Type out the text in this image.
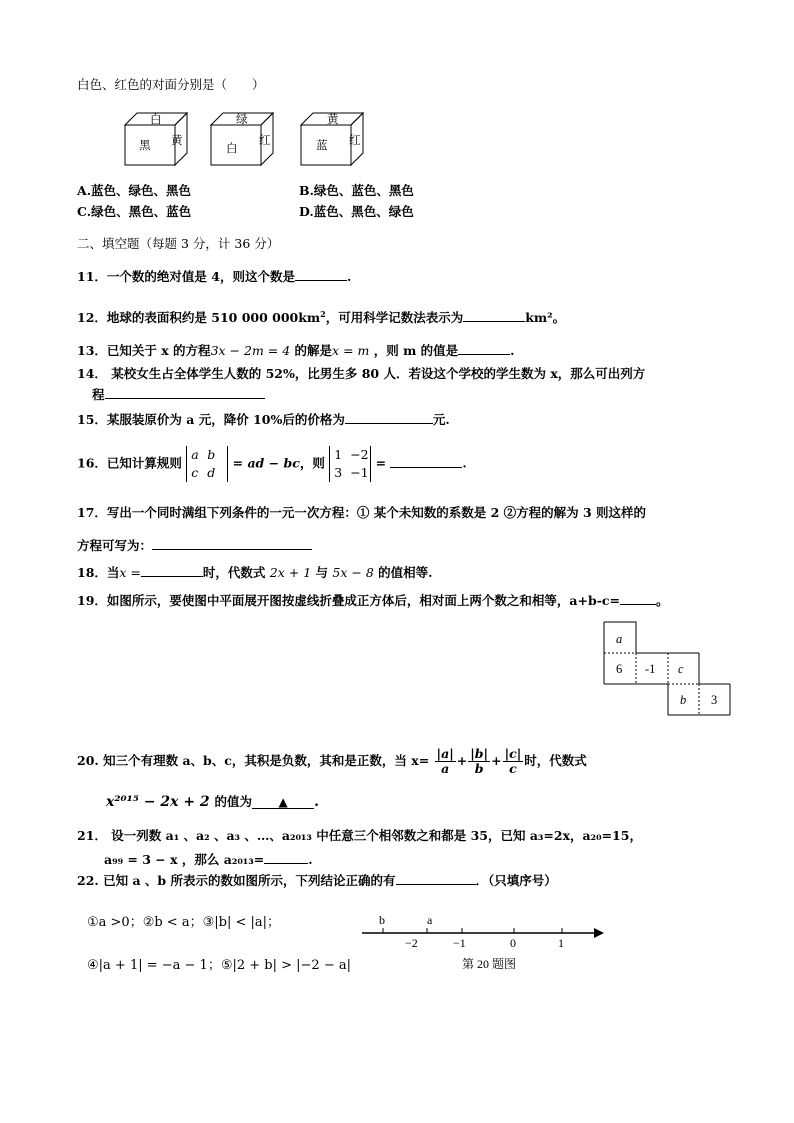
白色、红色的对面分别是（　　）
白
黑 黄
绿
白
红
黄
蓝 红
A.蓝色、绿色、黑色	B.绿色、蓝色、黑色
C.绿色、黑色、蓝色	D.蓝色、黑色、绿色
二、填空题（每题 3 分，计 36 分）
11．一个数的绝对值是 4，则这个数是	.
12．地球的表面积约是 510 000 $000km^2$，可用科学记数法表示为	km²。
13．已知关于 x 的方程3x − 2m = 4 的解是x = m ，则 m 的值是	.
14． 某校女生占全体学生人数的 52%，比男生多 80 人．若设这个学校的学生数为 x，那么可出列方
程
15．某服装原价为 a 元，降价 10%后的价格为	元.
16．已知计算规则 a b
c d = ad − bc，则 1 −2
3 −1 =	.
17．写出一个同时满组下列条件的一元一次方程：① 某个未知数的系数是 2 ②方程的解为 3 则这样的
方程可写为：
18．当x =	时，代数式 2x + 1 与 5x − 8 的值相等.
19．如图所示，要使图中平面展开图按虚线折叠成正方体后，相对面上两个数之和相等，a+b-c=	。
a
6 -1 c
b 3
20. 知三个有理数 a、b、c，其积是负数，其和是正数，当 $x= \frac{|a|}{a} + \frac{|b|}{b} + \frac{|c|}{c}$ 时，代数式
x²⁰¹⁵ − 2x + 2 的值为 ▲ .
21． 设一列数 a₁ 、a₂ 、a₃ 、…、a₂₀₁₃ 中任意三个相邻数之和都是 35，已知 a₃=2x，a₂₀=15，
a₉₉ = 3 − x ，那么 a₂₀₁₃=	.
22. 已知 a 、b 所表示的数如图所示，下列结论正确的有	．（只填序号）
①a >0；②b < a；③|b| < |a|；
④|a + 1| = −a − 1；⑤|2 + b| > |−2 − a|
b	a
−2	−1	0	1
第 20 题图
